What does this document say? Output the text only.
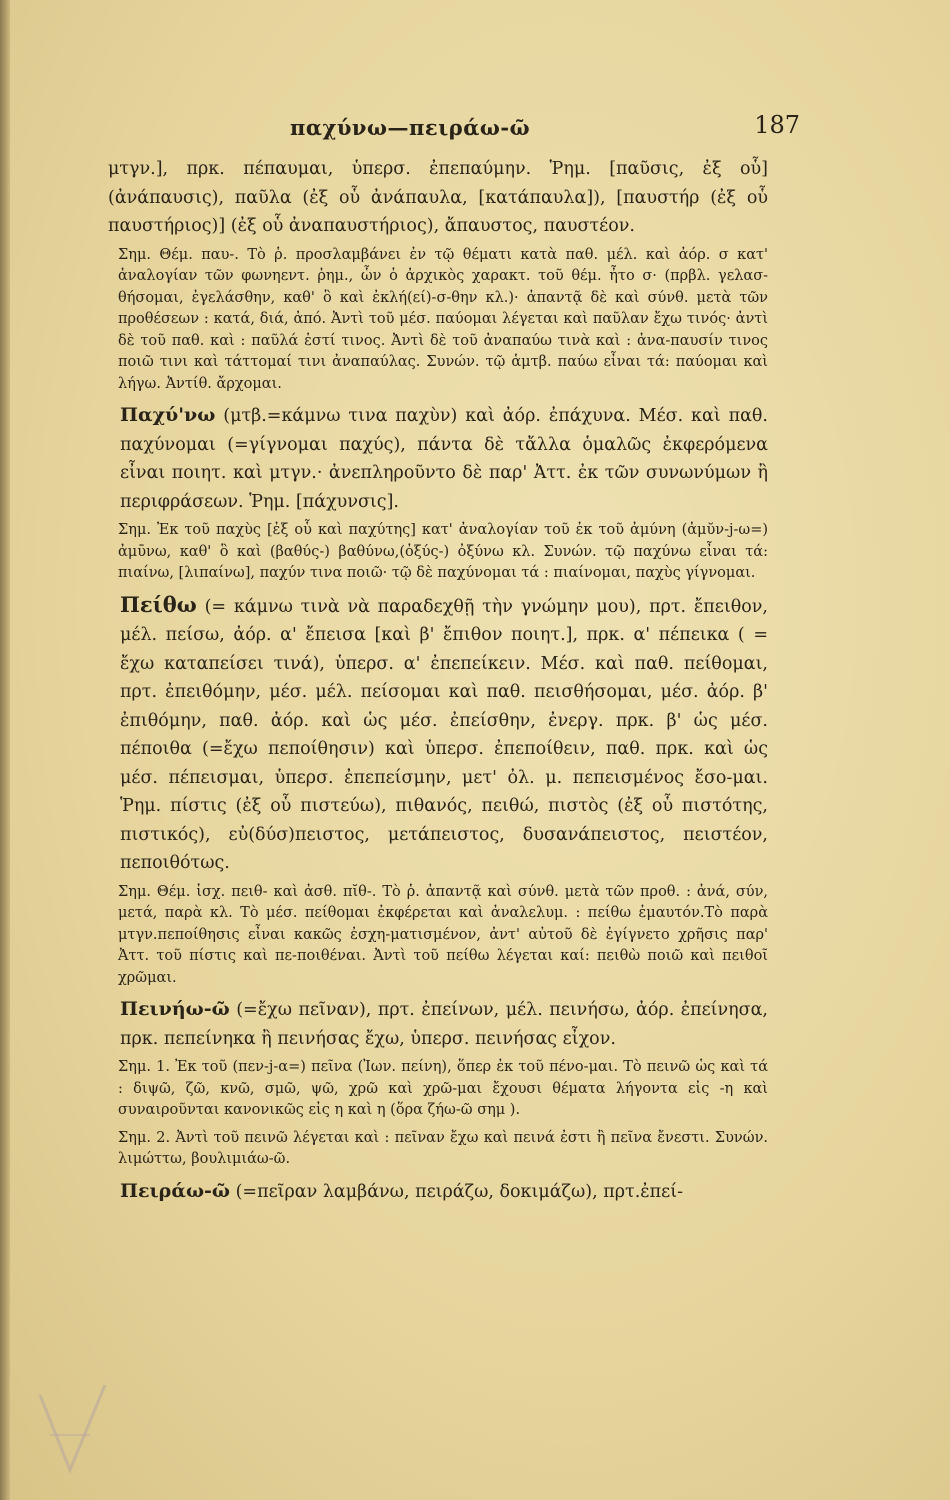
παχύνω—πειράω-ῶ	187

μτγν.], πρκ. πέπαυμαι, ὑπερσ. ἐπεπαύμην. Ῥημ. [παῦσις, ἐξ οὗ] (ἀνάπαυσις), παῦλα (ἐξ οὗ ἀνάπαυλα, [κατάπαυλα]), [παυστήρ (ἐξ οὗ παυστήριος)] (ἐξ οὗ ἀναπαυστήριος), ἄπαυστος, παυστέον.

Σημ. Θέμ. παυ-. Τὸ ῥ. προσλαμβάνει ἐν τῷ θέματι κατὰ παθ. μέλ. καὶ ἀόρ. σ κατ' ἀναλογίαν τῶν φωνηεντ. ῥημ., ὧν ὁ ἀρχικὸς χαρακτ. τοῦ θέμ. ἦτο σ· (πρβλ. γελασ-θήσομαι, ἐγελάσθην, καθ' ὃ καὶ ἐκλή(εί)-σ-θην κλ.)· ἀπαντᾷ δὲ καὶ σύνθ. μετὰ τῶν προθέσεων : κατά, διά, ἀπό. Ἀντὶ τοῦ μέσ. παύομαι λέγεται καὶ παῦλαν ἔχω τινός· ἀντὶ δὲ τοῦ παθ. καὶ : παῦλά ἐστί τινος. Ἀντὶ δὲ τοῦ ἀναπαύω τινὰ καὶ : ἀνα-παυσίν τινος ποιῶ τινι καὶ τάττομαί τινι ἀναπαύλας. Συνών. τῷ ἁμτβ. παύω εἶναι τά: παύομαι καὶ λήγω. Ἀντίθ. ἄρχομαι.

Παχύ'νω (μτβ.=κάμνω τινα παχὺν) καὶ ἀόρ. ἐπάχυνα. Μέσ. καὶ παθ. παχύνομαι (=γίγνομαι παχύς), πάντα δὲ τἄλλα ὁμαλῶς ἐκφερόμενα εἶναι ποιητ. καὶ μτγν.· ἀνεπληροῦντο δὲ παρ' Ἀττ. ἐκ τῶν συνωνύμων ἢ περιφράσεων. Ῥημ. [πάχυνσις].

Σημ. Ἐκ τοῦ παχὺς [ἐξ οὗ καὶ παχύτης] κατ' ἀναλογίαν τοῦ ἐκ τοῦ ἀμύνη (ἀμῠν-j-ω=) ἀμῡνω, καθ' ὃ καὶ (βαθύς-) βαθύνω,(ὀξύς-) ὀξύνω κλ. Συνών. τῷ παχύνω εἶναι τά: πιαίνω, [λιπαίνω], παχύν τινα ποιῶ· τῷ δὲ παχύνομαι τά : πιαίνομαι, παχὺς γίγνομαι.

Πείθω (= κάμνω τινὰ νὰ παραδεχθῇ τὴν γνώμην μου), πρτ. ἔπειθον, μέλ. πείσω, ἀόρ. α' ἔπεισα [καὶ β' ἔπιθον ποιητ.], πρκ. α' πέπεικα ( = ἔχω καταπείσει τινά), ὑπερσ. α' ἐπεπείκειν. Μέσ. καὶ παθ. πείθομαι, πρτ. ἐπειθόμην, μέσ. μέλ. πείσομαι καὶ παθ. πεισθήσομαι, μέσ. ἀόρ. β' ἐπιθόμην, παθ. ἀόρ. καὶ ὡς μέσ. ἐπείσθην, ἐνεργ. πρκ. β' ὡς μέσ. πέποιθα (=ἔχω πεποίθησιν) καὶ ὑπερσ. ἐπεποίθειν, παθ. πρκ. καὶ ὡς μέσ. πέπεισμαι, ὑπερσ. ἐπεπείσμην, μετ' ὀλ. μ. πεπεισμένος ἔσο-μαι. Ῥημ. πίστις (ἐξ οὗ πιστεύω), πιθανός, πειθώ, πιστὸς (ἐξ οὗ πιστότης, πιστικός), εὐ(δύσ)πειστος, μετάπειστος, δυσανάπειστος, πειστέον, πεποιθότως.

Σημ. Θέμ. ἰσχ. πειθ- καὶ ἀσθ. πῐθ-. Τὸ ῥ. ἀπαντᾷ καὶ σύνθ. μετὰ τῶν προθ. : ἀνά, σύν, μετά, παρὰ κλ. Τὸ μέσ. πείθομαι ἐκφέρεται καὶ ἀναλελυμ. : πείθω ἐμαυτόν.Τὸ παρὰ μτγν.πεποίθησις εἶναι κακῶς ἐσχη-ματισμένον, ἀντ' αὐτοῦ δὲ ἐγίγνετο χρῆσις παρ' Ἀττ. τοῦ πίστις καὶ πε-ποιθέναι. Ἀντὶ τοῦ πείθω λέγεται καί: πειθὼ ποιῶ καὶ πειθοῖ χρῶμαι.

Πεινήω-ῶ (=ἔχω πεῖναν), πρτ. ἐπείνων, μέλ. πεινήσω, ἀόρ. ἐπείνησα, πρκ. πεπείνηκα ἢ πεινήσας ἔχω, ὑπερσ. πεινήσας εἶχον.

Σημ. 1. Ἐκ τοῦ (πεν-j-α=) πεῖνα (Ἰων. πείνη), ὅπερ ἐκ τοῦ πένο-μαι. Τὸ πεινῶ ὡς καὶ τά : διψῶ, ζῶ, κνῶ, σμῶ, ψῶ, χρῶ καὶ χρῶ-μαι ἔχουσι θέματα λήγοντα εἰς -η καὶ συναιροῦνται κανονικῶς εἰς η καὶ η (ὅρα ζήω-ῶ σημ ).

Σημ. 2. Ἀντὶ τοῦ πεινῶ λέγεται καὶ : πεῖναν ἔχω καὶ πεινά ἐστι ἢ πεῖνα ἔνεστι. Συνών. λιμώττω, βουλιμιάω-ῶ.

Πειράω-ῶ (=πεῖραν λαμβάνω, πειράζω, δοκιμάζω), πρτ.ἐπεί-
